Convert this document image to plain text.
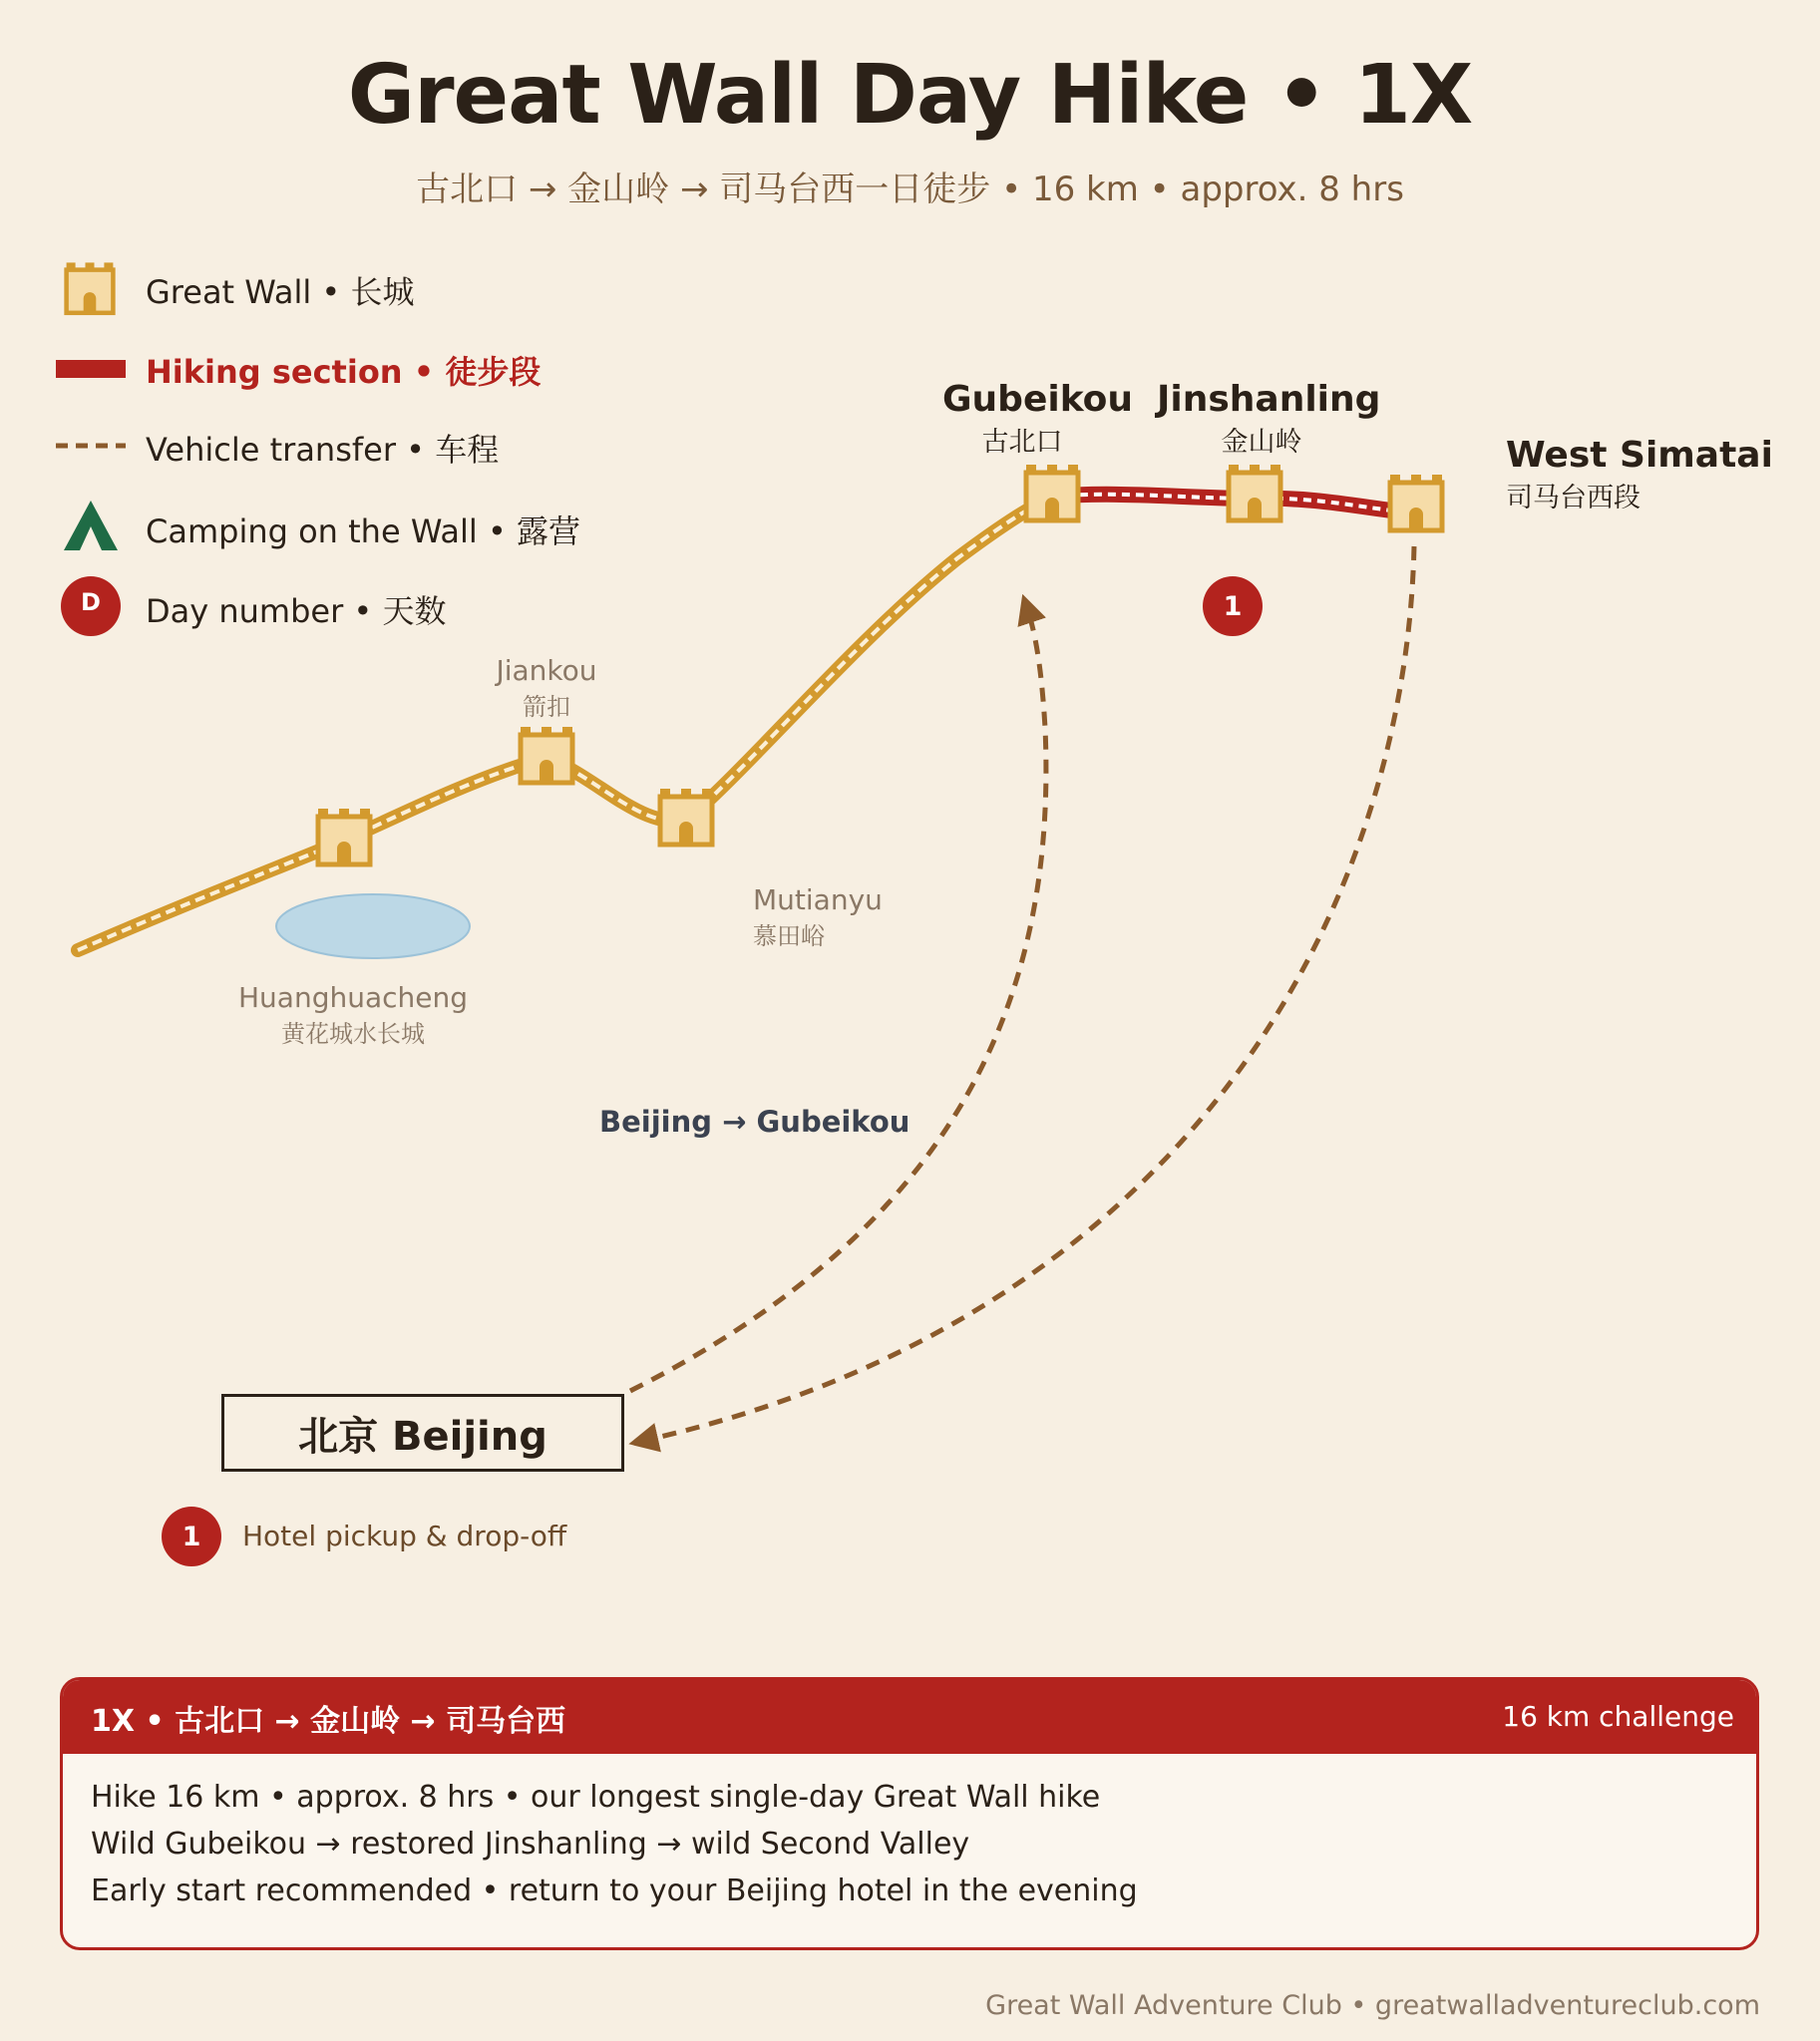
Great Wall Day Hike • 1X
古北口 → 金山岭 → 司马台西一日徒步 • 16 km • approx. 8 hrs
Great Wall • 长城
Hiking section • 徒步段
Vehicle transfer • 车程
Camping on the Wall • 露营
Day number • 天数
D
Gubeikou
古北口
Jinshanling
金山岭	West Simatai
司马台西段
Jiankou
箭扣
Mutianyu
慕田峪
Huanghuacheng
黄花城水长城
Beijing → Gubeikou
1
北京 Beijing
1	Hotel pickup & drop-off
1X • 古北口 → 金山岭 → 司马台西	16 km challenge
Hike 16 km • approx. 8 hrs • our longest single-day Great Wall hike
Wild Gubeikou → restored Jinshanling → wild Second Valley
Early start recommended • return to your Beijing hotel in the evening
Great Wall Adventure Club • greatwalladventureclub.com
